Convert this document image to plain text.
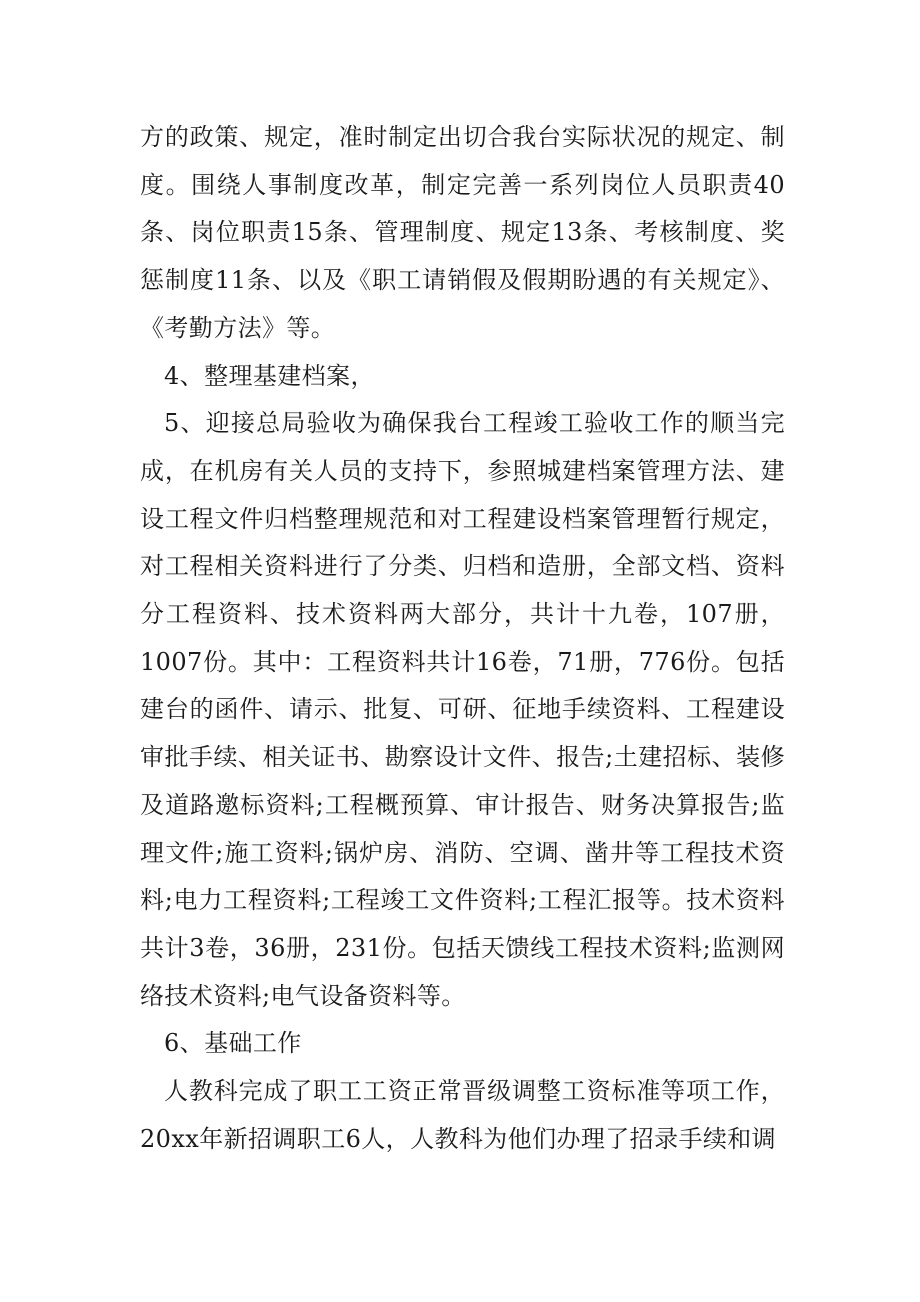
方的政策、规定，准时制定出切合我台实际状况的规定、制度。围绕人事制度改革，制定完善一系列岗位人员职责40条、岗位职责15条、管理制度、规定13条、考核制度、奖惩制度11条、以及《职工请销假及假期盼遇的有关规定》、《考勤方法》等。

4、整理基建档案，

5、迎接总局验收为确保我台工程竣工验收工作的顺当完成，在机房有关人员的支持下，参照城建档案管理方法、建设工程文件归档整理规范和对工程建设档案管理暂行规定，对工程相关资料进行了分类、归档和造册，全部文档、资料分工程资料、技术资料两大部分，共计十九卷，107册，1007份。其中：工程资料共计16卷，71册，776份。包括建台的函件、请示、批复、可研、征地手续资料、工程建设审批手续、相关证书、勘察设计文件、报告;土建招标、装修及道路邀标资料;工程概预算、审计报告、财务决算报告;监理文件;施工资料;锅炉房、消防、空调、凿井等工程技术资料;电力工程资料;工程竣工文件资料;工程汇报等。技术资料共计3卷，36册，231份。包括天馈线工程技术资料;监测网络技术资料;电气设备资料等。

6、基础工作

人教科完成了职工工资正常晋级调整工资标准等项工作，20xx年新招调职工6人，人教科为他们办理了招录手续和调
